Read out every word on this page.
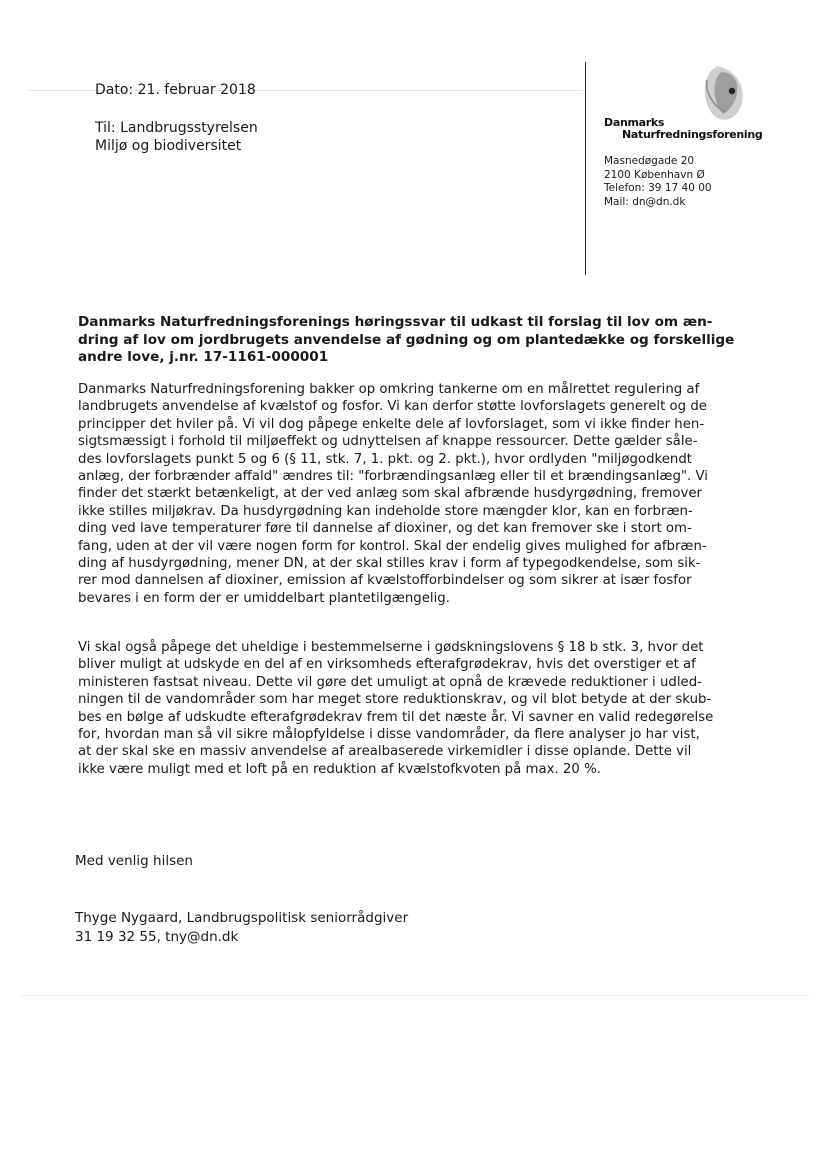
Dato: 21. februar 2018
Til: Landbrugsstyrelsen
Miljø og biodiversitet
Danmarks
Naturfredningsforening
Masnedøgade 20
2100 København Ø
Telefon: 39 17 40 00
Mail: dn@dn.dk
Danmarks Naturfredningsforenings høringssvar til udkast til forslag til lov om æn-
dring af lov om jordbrugets anvendelse af gødning og om plantedække og forskellige
andre love, j.nr. 17-1161-000001
Danmarks Naturfredningsforening bakker op omkring tankerne om en målrettet regulering af
landbrugets anvendelse af kvælstof og fosfor. Vi kan derfor støtte lovforslagets generelt og de
principper det hviler på. Vi vil dog påpege enkelte dele af lovforslaget, som vi ikke finder hen-
sigtsmæssigt i forhold til miljøeffekt og udnyttelsen af knappe ressourcer. Dette gælder såle-
des lovforslagets punkt 5 og 6 (§ 11, stk. 7, 1. pkt. og 2. pkt.), hvor ordlyden "miljøgodkendt
anlæg, der forbrænder affald" ændres til: "forbrændingsanlæg eller til et brændingsanlæg". Vi
finder det stærkt betænkeligt, at der ved anlæg som skal afbrænde husdyrgødning, fremover
ikke stilles miljøkrav. Da husdyrgødning kan indeholde store mængder klor, kan en forbræn-
ding ved lave temperaturer føre til dannelse af dioxiner, og det kan fremover ske i stort om-
fang, uden at der vil være nogen form for kontrol. Skal der endelig gives mulighed for afbræn-
ding af husdyrgødning, mener DN, at der skal stilles krav i form af typegodkendelse, som sik-
rer mod dannelsen af dioxiner, emission af kvælstofforbindelser og som sikrer at især fosfor
bevares i en form der er umiddelbart plantetilgængelig.
Vi skal også påpege det uheldige i bestemmelserne i gødskningslovens § 18 b stk. 3, hvor det
bliver muligt at udskyde en del af en virksomheds efterafgrødekrav, hvis det overstiger et af
ministeren fastsat niveau. Dette vil gøre det umuligt at opnå de krævede reduktioner i udled-
ningen til de vandområder som har meget store reduktionskrav, og vil blot betyde at der skub-
bes en bølge af udskudte efterafgrødekrav frem til det næste år. Vi savner en valid redegørelse
for, hvordan man så vil sikre målopfyldelse i disse vandområder, da flere analyser jo har vist,
at der skal ske en massiv anvendelse af arealbaserede virkemidler i disse oplande. Dette vil
ikke være muligt med et loft på en reduktion af kvælstofkvoten på max. 20 %.
Med venlig hilsen
Thyge Nygaard, Landbrugspolitisk seniorrådgiver
31 19 32 55, tny@dn.dk
